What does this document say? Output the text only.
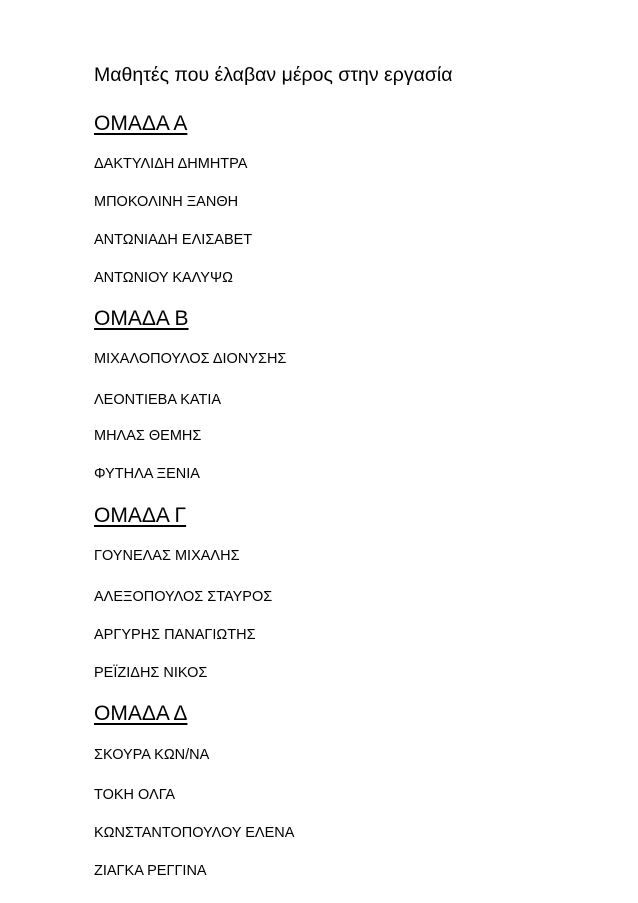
Μαθητές που έλαβαν μέρος στην εργασία
ΟΜΑΔΑ Α
ΔΑΚΤΥΛΙΔΗ ΔΗΜΗΤΡΑ
ΜΠΟΚΟΛΙΝΗ ΞΑΝΘΗ
ΑΝΤΩΝΙΑΔΗ ΕΛΙΣΑΒΕΤ
ΑΝΤΩΝΙΟΥ ΚΑΛΥΨΩ
ΟΜΑΔΑ Β
ΜΙΧΑΛΟΠΟΥΛΟΣ ΔΙΟΝΥΣΗΣ
ΛΕΟΝΤΙΕΒΑ ΚΑΤΙΑ
ΜΗΛΑΣ ΘΕΜΗΣ
ΦΥΤΗΛΑ ΞΕΝΙΑ
ΟΜΑΔΑ Γ
ΓΟΥΝΕΛΑΣ ΜΙΧΑΛΗΣ
ΑΛΕΞΟΠΟΥΛΟΣ ΣΤΑΥΡΟΣ
ΑΡΓΥΡΗΣ ΠΑΝΑΓΙΩΤΗΣ
ΡΕΪΖΙΔΗΣ ΝΙΚΟΣ
ΟΜΑΔΑ Δ
ΣΚΟΥΡΑ ΚΩΝ/ΝΑ
ΤΟΚΗ ΟΛΓΑ
ΚΩΝΣΤΑΝΤΟΠΟΥΛΟΥ ΕΛΕΝΑ
ΖΙΑΓΚΑ ΡΕΓΓΙΝΑ
